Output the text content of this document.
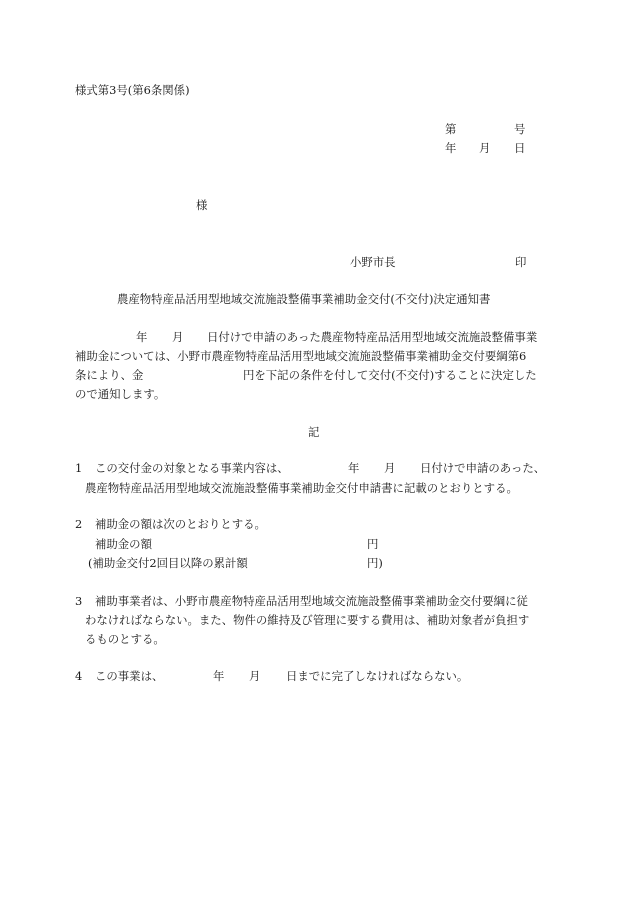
様式第3号(第6条関係)
第	号
年 月 日
様
小野市長	印
農産物特産品活用型地域交流施設整備事業補助金交付(不交付)決定通知書
年 月 日付けで申請のあった農産物特産品活用型地域交流施設整備事業
補助金については、小野市農産物特産品活用型地域交流施設整備事業補助金交付要綱第6
条により、金	円を下記の条件を付して交付(不交付)することに決定した
ので通知します。
記
1 この交付金の対象となる事業内容は、	年 月 日付けで申請のあった、
農産物特産品活用型地域交流施設整備事業補助金交付申請書に記載のとおりとする。
2 補助金の額は次のとおりとする。
補助金の額	円
(補助金交付2回目以降の累計額	円)
3 補助事業者は、小野市農産物特産品活用型地域交流施設整備事業補助金交付要綱に従
わなければならない。また、物件の維持及び管理に要する費用は、補助対象者が負担す
るものとする。
4 この事業は、	年 月 日までに完了しなければならない。
